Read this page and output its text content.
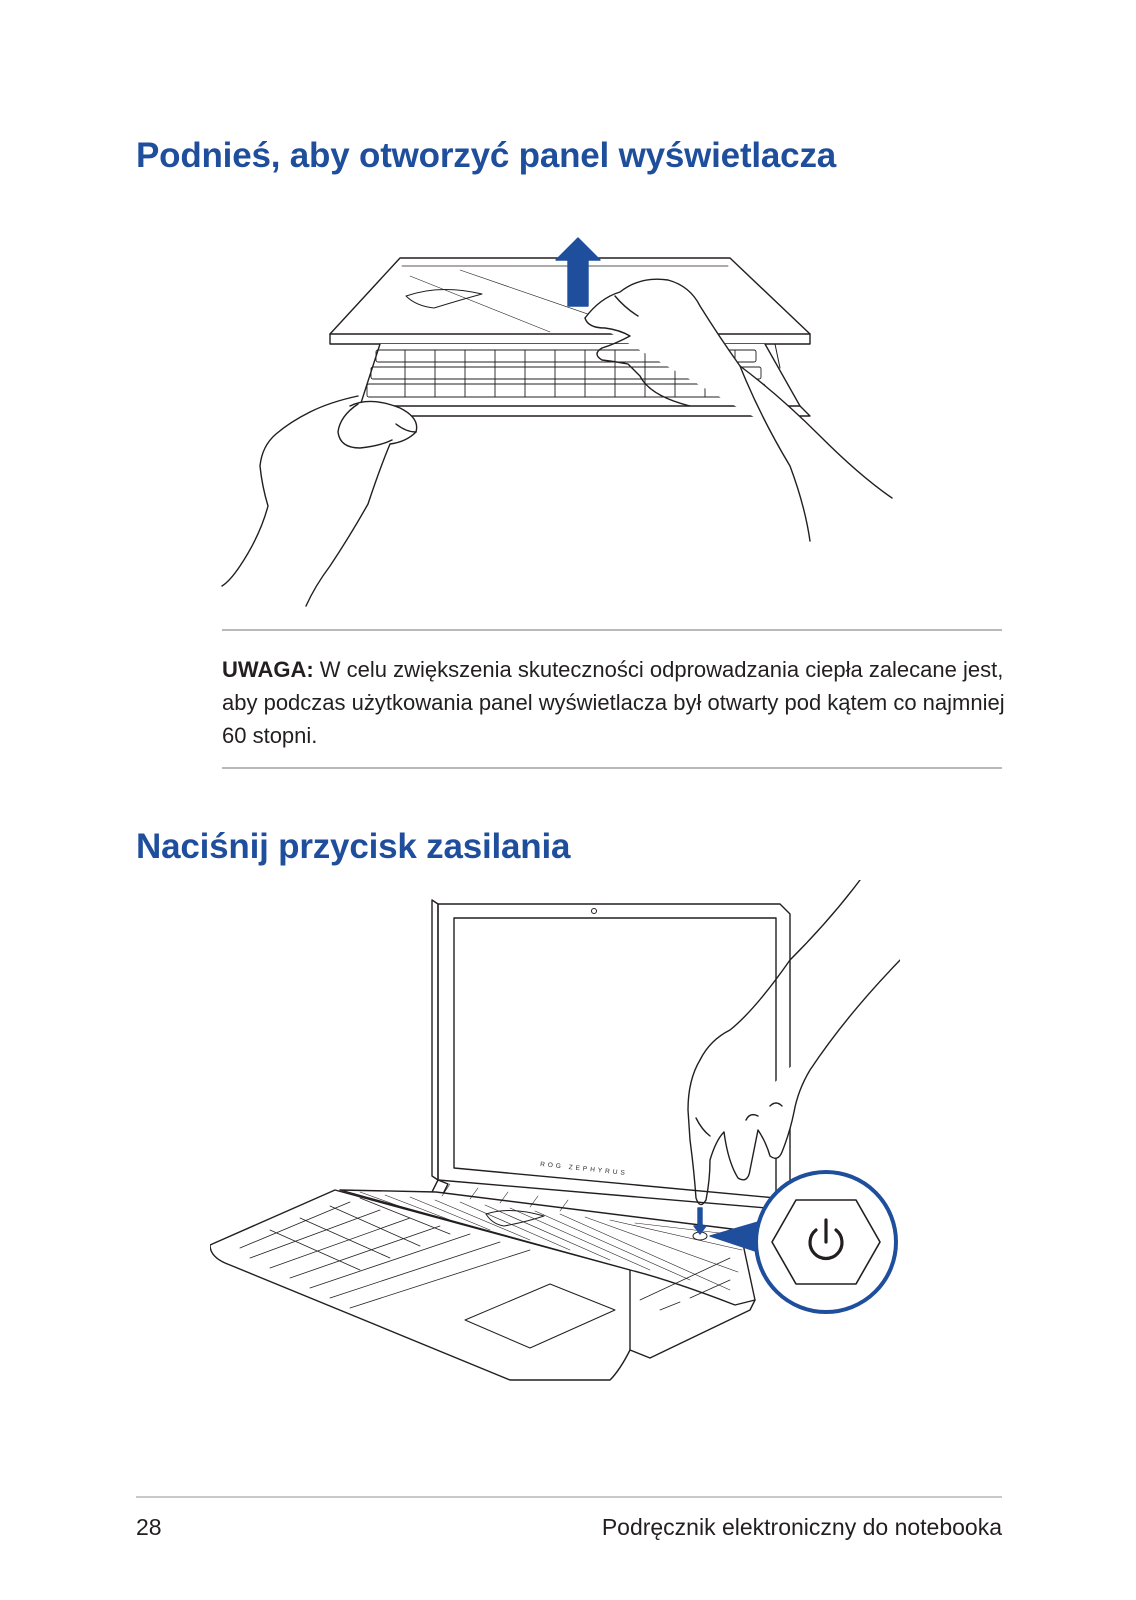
Podnieś, aby otworzyć panel wyświetlacza

UWAGA: W celu zwiększenia skuteczności odprowadzania ciepła zalecane jest, aby podczas użytkowania panel wyświetlacza był otwarty pod kątem co najmniej 60 stopni.

Naciśnij przycisk zasilania
ROG ZEPHYRUS
28	Podręcznik elektroniczny do notebooka
